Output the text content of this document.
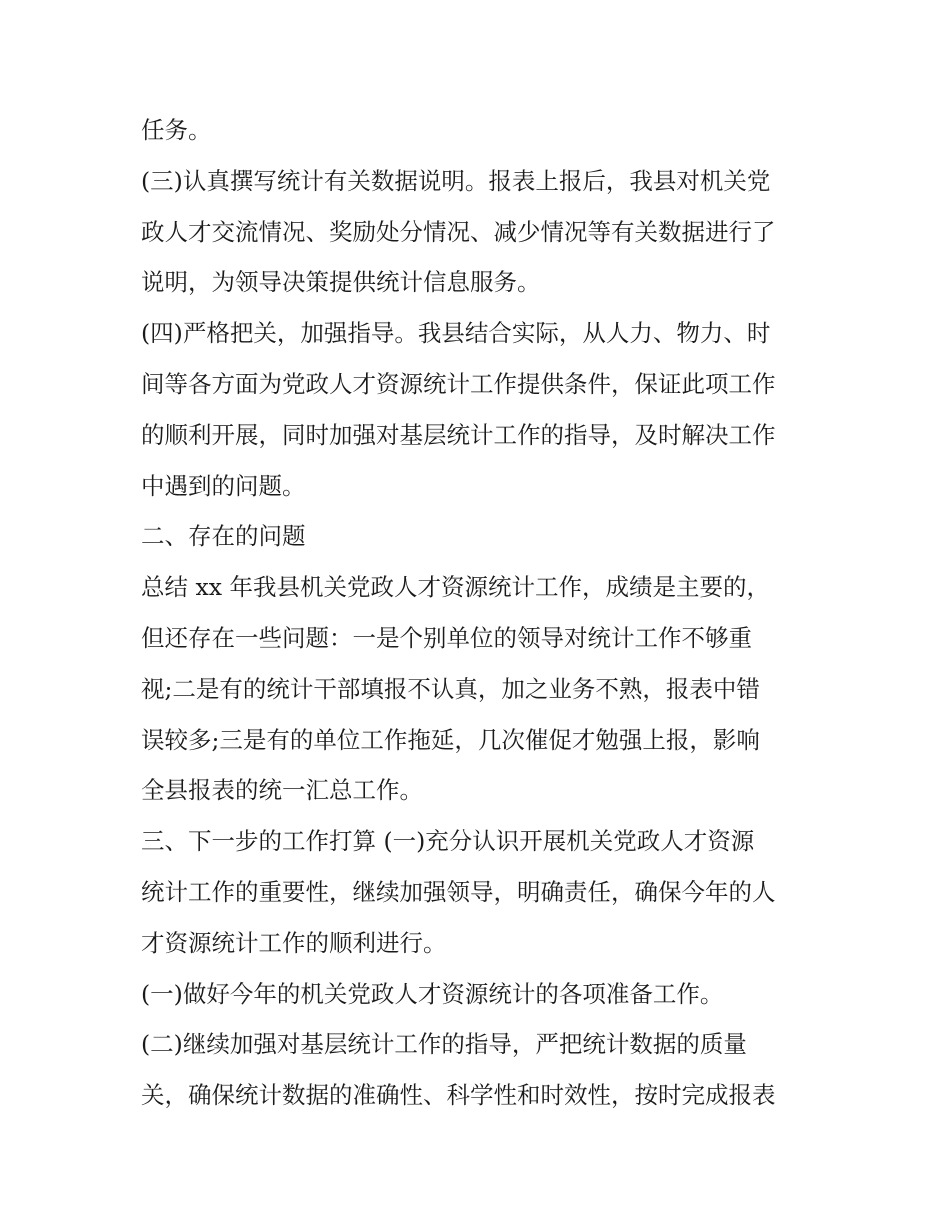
任务。
(三)认真撰写统计有关数据说明。报表上报后，我县对机关党
政人才交流情况、奖励处分情况、减少情况等有关数据进行了
说明，为领导决策提供统计信息服务。
(四)严格把关，加强指导。我县结合实际，从人力、物力、时
间等各方面为党政人才资源统计工作提供条件，保证此项工作
的顺利开展，同时加强对基层统计工作的指导，及时解决工作
中遇到的问题。
二、存在的问题
总结 xx 年我县机关党政人才资源统计工作，成绩是主要的，
但还存在一些问题：一是个别单位的领导对统计工作不够重
视;二是有的统计干部填报不认真，加之业务不熟，报表中错
误较多;三是有的单位工作拖延，几次催促才勉强上报，影响
全县报表的统一汇总工作。
三、下一步的工作打算 (一)充分认识开展机关党政人才资源
统计工作的重要性，继续加强领导，明确责任，确保今年的人
才资源统计工作的顺利进行。
(一)做好今年的机关党政人才资源统计的各项准备工作。
(二)继续加强对基层统计工作的指导，严把统计数据的质量
关，确保统计数据的准确性、科学性和时效性，按时完成报表
